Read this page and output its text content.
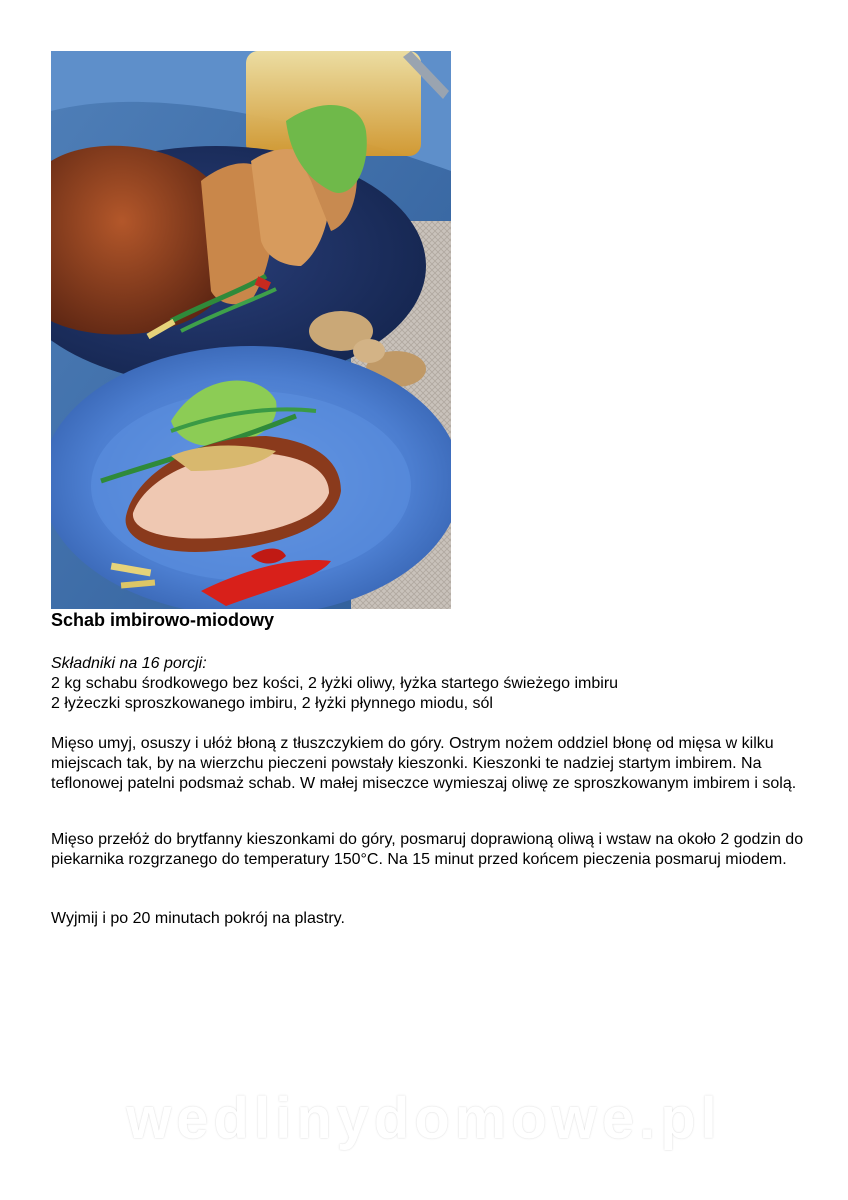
Schab imbirowo-miodowy
Składniki na 16 porcji:
2 kg schabu środkowego bez kości, 2 łyżki oliwy, łyżka startego świeżego imbiru
2 łyżeczki sproszkowanego imbiru, 2 łyżki płynnego miodu, sól

Mięso umyj, osuszy i ułóż błoną z tłuszczykiem do góry. Ostrym nożem oddziel błonę od mięsa w kilku miejscach tak, by na wierzchu pieczeni powstały kieszonki. Kieszonki te nadziej startym imbirem. Na teflonowej patelni podsmaż schab. W małej miseczce wymieszaj oliwę ze sproszkowanym imbirem i solą.

Mięso przełóż do brytfanny kieszonkami do góry, posmaruj doprawioną oliwą i wstaw na około 2 godzin do piekarnika rozgrzanego do temperatury 150°C. Na 15 minut przed końcem pieczenia posmaruj miodem.

Wyjmij i po 20 minutach pokrój na plastry.

wedlinydomowe.pl
